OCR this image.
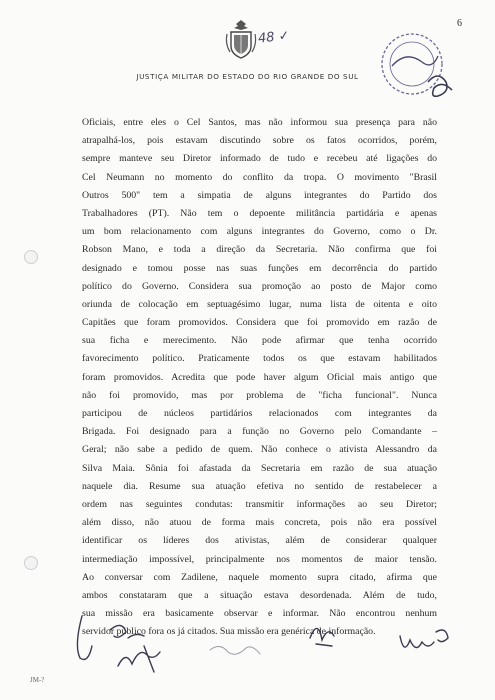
48 ✓
6
JUSTIÇA MILITAR DO ESTADO DO RIO GRANDE DO SUL
Oficiais, entre eles o Cel Santos, mas não informou sua presença para não
atrapalhá-los, pois estavam discutindo sobre os fatos ocorridos, porém,
sempre manteve seu Diretor informado de tudo e recebeu até ligações do
Cel Neumann no momento do conflito da tropa. O movimento "Brasil
Outros 500" tem a simpatia de alguns integrantes do Partido dos
Trabalhadores (PT). Não tem o depoente militância partidária e apenas
um bom relacionamento com alguns integrantes do Governo, como o Dr.
Robson Mano, e toda a direção da Secretaria. Não confirma que foi
designado e tomou posse nas suas funções em decorrência do partido
político do Governo. Considera sua promoção ao posto de Major como
oriunda de colocação em septuagésimo lugar, numa lista de oitenta e oito
Capitães que foram promovidos. Considera que foi promovido em razão de
sua ficha e merecimento. Não pode afirmar que tenha ocorrido
favorecimento político. Praticamente todos os que estavam habilitados
foram promovidos. Acredita que pode haver algum Oficial mais antigo que
não foi promovido, mas por problema de "ficha funcional". Nunca
participou de núcleos partidários relacionados com integrantes da
Brigada. Foi designado para a função no Governo pelo Comandante –
Geral; não sabe a pedido de quem. Não conhece o ativista Alessandro da
Silva Maia. Sônia foi afastada da Secretaria em razão de sua atuação
naquele dia. Resume sua atuação efetiva no sentido de restabelecer a
ordem nas seguintes condutas: transmitir informações ao seu Diretor;
além disso, não atuou de forma mais concreta, pois não era possível
identificar os líderes dos ativistas, além de considerar qualquer
intermediação impossível, principalmente nos momentos de maior tensão.
Ao conversar com Zadilene, naquele momento supra citado, afirma que
ambos constataram que a situação estava desordenada. Além de tudo,
sua missão era basicamente observar e informar. Não encontrou nenhum
servidor público fora os já citados. Sua missão era genérica de informação.
JM-?
